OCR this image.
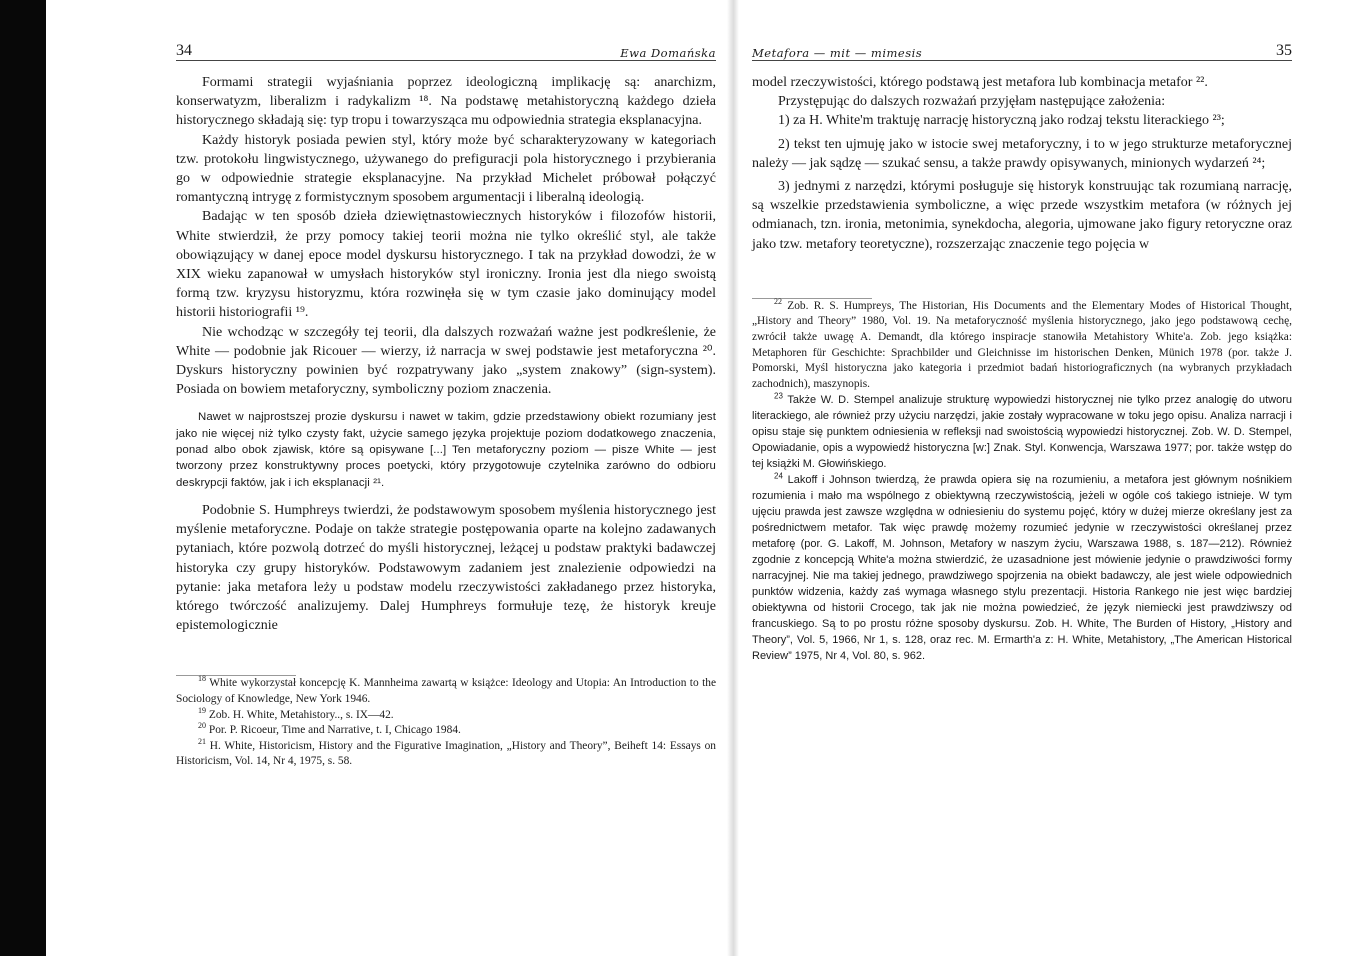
34	Ewa Domańska

Formami strategii wyjaśniania poprzez ideologiczną implikację są: anarchizm, konserwatyzm, liberalizm i radykalizm ¹⁸. Na podstawę metahistoryczną każdego dzieła historycznego składają się: typ tropu i towarzysząca mu odpowiednia strategia eksplanacyjna.

Każdy historyk posiada pewien styl, który może być scharakteryzowany w kategoriach tzw. protokołu lingwistycznego, używanego do prefiguracji pola historycznego i przybierania go w odpowiednie strategie eksplanacyjne. Na przykład Michelet próbował połączyć romantyczną intrygę z formistycznym sposobem argumentacji i liberalną ideologią.

Badając w ten sposób dzieła dziewiętnastowiecznych historyków i filozofów historii, White stwierdził, że przy pomocy takiej teorii można nie tylko określić styl, ale także obowiązujący w danej epoce model dyskursu historycznego. I tak na przykład dowodzi, że w XIX wieku zapanował w umysłach historyków styl ironiczny. Ironia jest dla niego swoistą formą tzw. kryzysu historyzmu, która rozwinęła się w tym czasie jako dominujący model historii historiografii ¹⁹.

Nie wchodząc w szczegóły tej teorii, dla dalszych rozważań ważne jest podkreślenie, że White — podobnie jak Ricouer — wierzy, iż narracja w swej podstawie jest metaforyczna ²⁰. Dyskurs historyczny powinien być rozpatrywany jako „system znakowy” (sign-system). Posiada on bowiem metaforyczny, symboliczny poziom znaczenia.

Nawet w najprostszej prozie dyskursu i nawet w takim, gdzie przedstawiony obiekt rozumiany jest jako nie więcej niż tylko czysty fakt, użycie samego języka projektuje poziom dodatkowego znaczenia, ponad albo obok zjawisk, które są opisywane [...] Ten metaforyczny poziom — pisze White — jest tworzony przez konstruktywny proces poetycki, który przygotowuje czytelnika zarówno do odbioru deskrypcji faktów, jak i ich eksplanacji ²¹.

Podobnie S. Humphreys twierdzi, że podstawowym sposobem myślenia historycznego jest myślenie metaforyczne. Podaje on także strategie postępowania oparte na kolejno zadawanych pytaniach, które pozwolą dotrzeć do myśli historycznej, leżącej u podstaw praktyki badawczej historyka czy grupy historyków. Podstawowym zadaniem jest znalezienie odpowiedzi na pytanie: jaka metafora leży u podstaw modelu rzeczywistości zakładanego przez historyka, którego twórczość analizujemy. Dalej Humphreys formułuje tezę, że historyk kreuje epistemologicznie

$^{18}$ White wykorzystał koncepcję K. Mannheima zawartą w książce: Ideology and Utopia: An Introduction to the Sociology of Knowledge, New York 1946.

$^{19}$ Zob. H. White, Metahistory.., s. IX—42.

$^{20}$ Por. P. Ricoeur, Time and Narrative, t. I, Chicago 1984.

$^{21}$ H. White, Historicism, History and the Figurative Imagination, „History and Theory”, Beiheft 14: Essays on Historicism, Vol. 14, Nr 4, 1975, s. 58.

Metafora — mit — mimesis	35

model rzeczywistości, którego podstawą jest metafora lub kombinacja metafor ²².

Przystępując do dalszych rozważań przyjęłam następujące założenia:

1) za H. White'm traktuję narrację historyczną jako rodzaj tekstu literackiego ²³;

2) tekst ten ujmuję jako w istocie swej metaforyczny, i to w jego strukturze metaforycznej należy — jak sądzę — szukać sensu, a także prawdy opisywanych, minionych wydarzeń ²⁴;

3) jednymi z narzędzi, którymi posługuje się historyk konstruując tak rozumianą narrację, są wszelkie przedstawienia symboliczne, a więc przede wszystkim metafora (w różnych jej odmianach, tzn. ironia, metonimia, synekdocha, alegoria, ujmowane jako figury retoryczne oraz jako tzw. metafory teoretyczne), rozszerzając znaczenie tego pojęcia w

$^{22}$ Zob. R. S. Humpreys, The Historian, His Documents and the Elementary Modes of Historical Thought, „History and Theory” 1980, Vol. 19. Na metaforyczność myślenia historycznego, jako jego podstawową cechę, zwrócił także uwagę A. Demandt, dla którego inspiracje stanowiła Metahistory White'a. Zob. jego książka: Metaphoren für Geschichte: Sprachbilder und Gleichnisse im historischen Denken, Münich 1978 (por. także J. Pomorski, Myśl historyczna jako kategoria i przedmiot badań historiograficznych (na wybranych przykładach zachodnich), maszynopis.

$^{23}$ Także W. D. Stempel analizuje strukturę wypowiedzi historycznej nie tylko przez analogię do utworu literackiego, ale również przy użyciu narzędzi, jakie zostały wypracowane w toku jego opisu. Analiza narracji i opisu staje się punktem odniesienia w refleksji nad swoistością wypowiedzi historycznej. Zob. W. D. Stempel, Opowiadanie, opis a wypowiedź historyczna [w:] Znak. Styl. Konwencja, Warszawa 1977; por. także wstęp do tej książki M. Głowińskiego.

$^{24}$ Lakoff i Johnson twierdzą, że prawda opiera się na rozumieniu, a metafora jest głównym nośnikiem rozumienia i mało ma wspólnego z obiektywną rzeczywistością, jeżeli w ogóle coś takiego istnieje. W tym ujęciu prawda jest zawsze względna w odniesieniu do systemu pojęć, który w dużej mierze określany jest za pośrednictwem metafor. Tak więc prawdę możemy rozumieć jedynie w rzeczywistości określanej przez metaforę (por. G. Lakoff, M. Johnson, Metafory w naszym życiu, Warszawa 1988, s. 187—212). Również zgodnie z koncepcją White'a można stwierdzić, że uzasadnione jest mówienie jedynie o prawdziwości formy narracyjnej. Nie ma takiej jednego, prawdziwego spojrzenia na obiekt badawczy, ale jest wiele odpowiednich punktów widzenia, każdy zaś wymaga własnego stylu prezentacji. Historia Rankego nie jest więc bardziej obiektywna od historii Crocego, tak jak nie można powiedzieć, że język niemiecki jest prawdziwszy od francuskiego. Są to po prostu różne sposoby dyskursu. Zob. H. White, The Burden of History, „History and Theory”, Vol. 5, 1966, Nr 1, s. 128, oraz rec. M. Ermarth'a z: H. White, Metahistory, „The American Historical Review” 1975, Nr 4, Vol. 80, s. 962.
